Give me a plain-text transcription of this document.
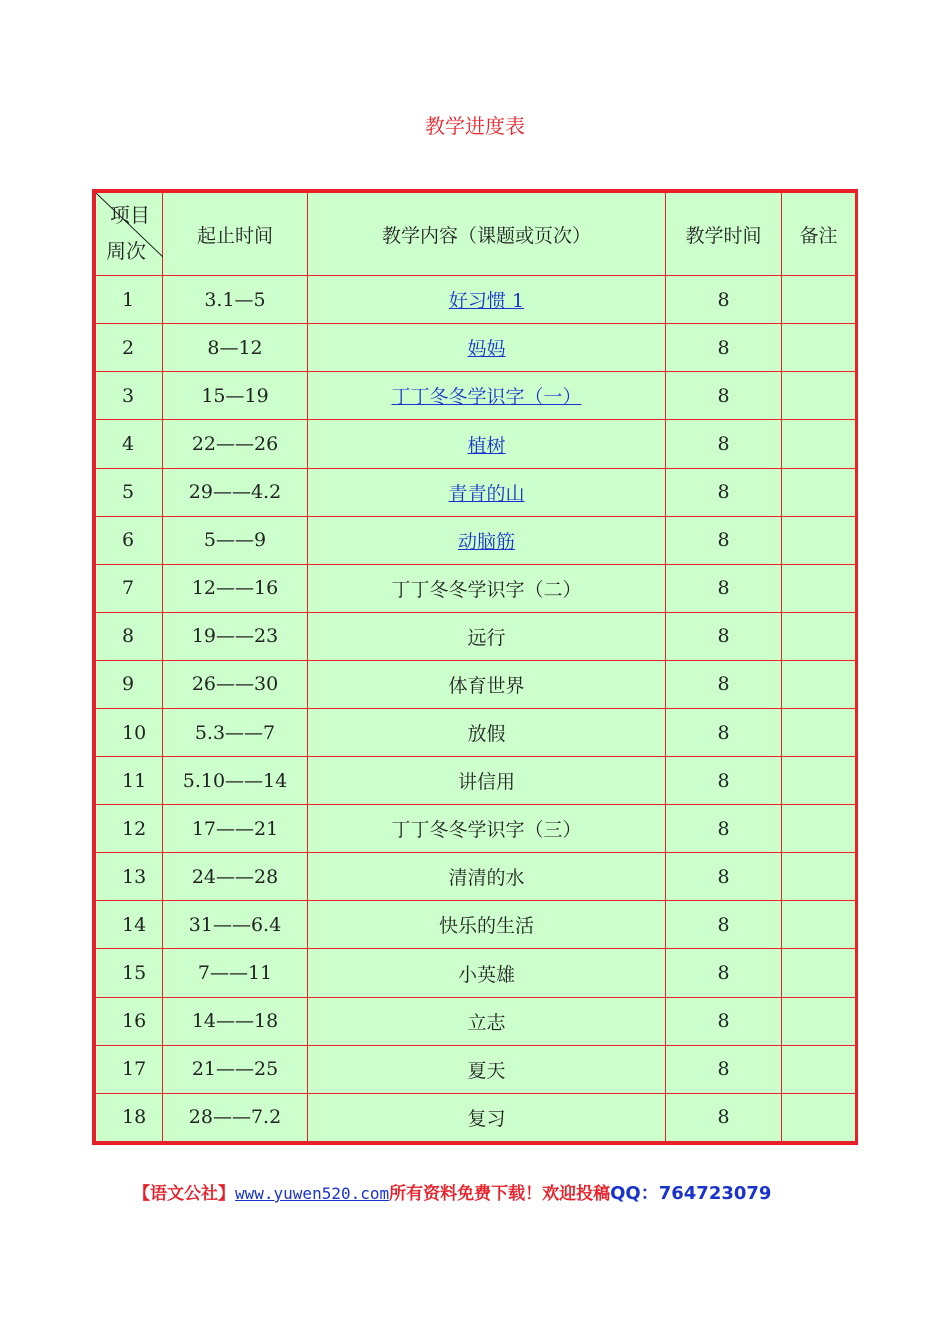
教学进度表
项目
周次	起止时间	教学内容（课题或页次）	教学时间	备注
1	3.1—5	好习惯 1	8	
2	8—12	妈妈	8	
3	15—19	丁丁冬冬学识字（一）	8	
4	22——26	植树	8	
5	29——4.2	青青的山	8	
6	5——9	动脑筋	8	
7	12——16	丁丁冬冬学识字（二）	8	
8	19——23	远行	8	
9	26——30	体育世界	8	
10	5.3——7	放假	8	
11	5.10——14	讲信用	8	
12	17——21	丁丁冬冬学识字（三）	8	
13	24——28	清清的水	8	
14	31——6.4	快乐的生活	8	
15	7——11	小英雄	8	
16	14——18	立志	8	
17	21——25	夏天	8	
18	28——7.2	复习	8	
【语文公社】www.yuwen520.com所有资料免费下载！欢迎投稿QQ：764723079
